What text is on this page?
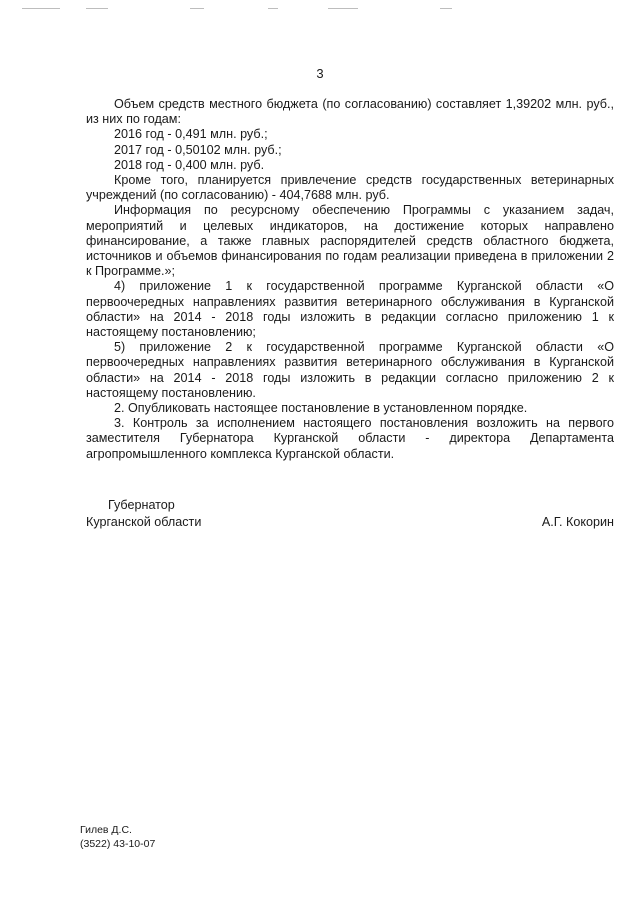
3

Объем средств местного бюджета (по согласованию) составляет 1,39202 млн. руб., из них по годам:

2016 год - 0,491 млн. руб.;

2017 год - 0,50102 млн. руб.;

2018 год - 0,400 млн. руб.

Кроме того, планируется привлечение средств государственных ветеринарных учреждений (по согласованию) - 404,7688 млн. руб.

Информация по ресурсному обеспечению Программы с указанием задач, мероприятий и целевых индикаторов, на достижение которых направлено финансирование, а также главных распорядителей средств областного бюджета, источников и объемов финансирования по годам реализации приведена в приложении 2 к Программе.»;

4) приложение 1 к государственной программе Курганской области «О первоочередных направлениях развития ветеринарного обслуживания в Курганской области» на 2014 - 2018 годы изложить в редакции согласно приложению 1 к настоящему постановлению;

5) приложение 2 к государственной программе Курганской области «О первоочередных направлениях развития ветеринарного обслуживания в Курганской области» на 2014 - 2018 годы изложить в редакции согласно приложению 2 к настоящему постановлению.

2. Опубликовать настоящее постановление в установленном порядке.

3. Контроль за исполнением настоящего постановления возложить на первого заместителя Губернатора Курганской области - директора Департамента агропромышленного комплекса Курганской области.

Губернатор
Курганской области	А.Г. Кокорин
Гилев Д.С.
(3522) 43-10-07
